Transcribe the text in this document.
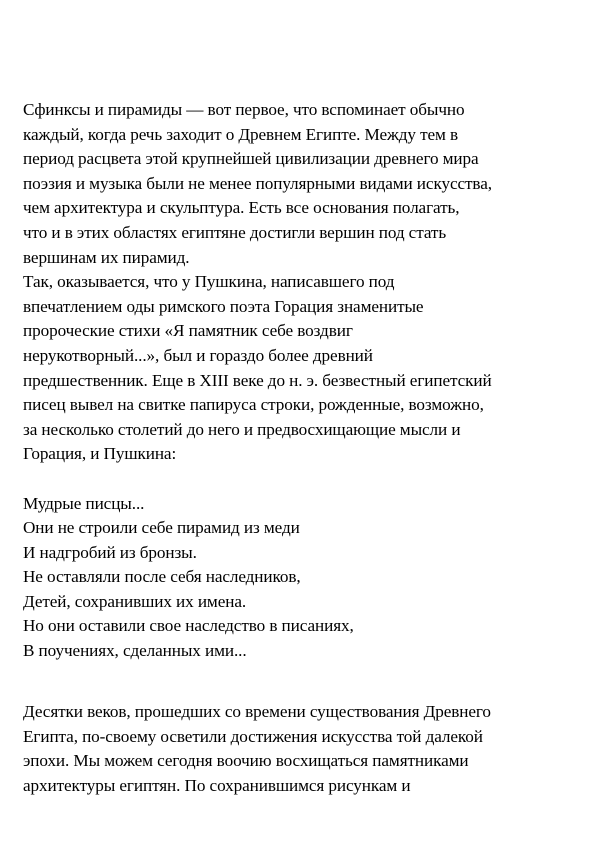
Сфинксы и пирамиды — вот первое, что вспоминает обычно
каждый, когда речь заходит о Древнем Египте. Между тем в
период расцвета этой крупнейшей цивилизации древнего мира
поэзия и музыка были не менее популярными видами искусства,
чем архитектура и скульптура. Есть все основания полагать,
что и в этих областях египтяне достигли вершин под стать
вершинам их пирамид.
Так, оказывается, что у Пушкина, написавшего под
впечатлением оды римского поэта Горация знаменитые
пророческие стихи «Я памятник себе воздвиг
нерукотворный...», был и гораздо более древний
предшественник. Еще в XIII веке до н. э. безвестный египетский
писец вывел на свитке папируса строки, рожденные, возможно,
за несколько столетий до него и предвосхищающие мысли и
Горация, и Пушкина:
Мудрые писцы...
Они не строили себе пирамид из меди
И надгробий из бронзы.
Не оставляли после себя наследников,
Детей, сохранивших их имена.
Но они оставили свое наследство в писаниях,
В поучениях, сделанных ими...
Десятки веков, прошедших со времени существования Древнего
Египта, по-своему осветили достижения искусства той далекой
эпохи. Мы можем сегодня воочию восхищаться памятниками
архитектуры египтян. По сохранившимся рисункам и
